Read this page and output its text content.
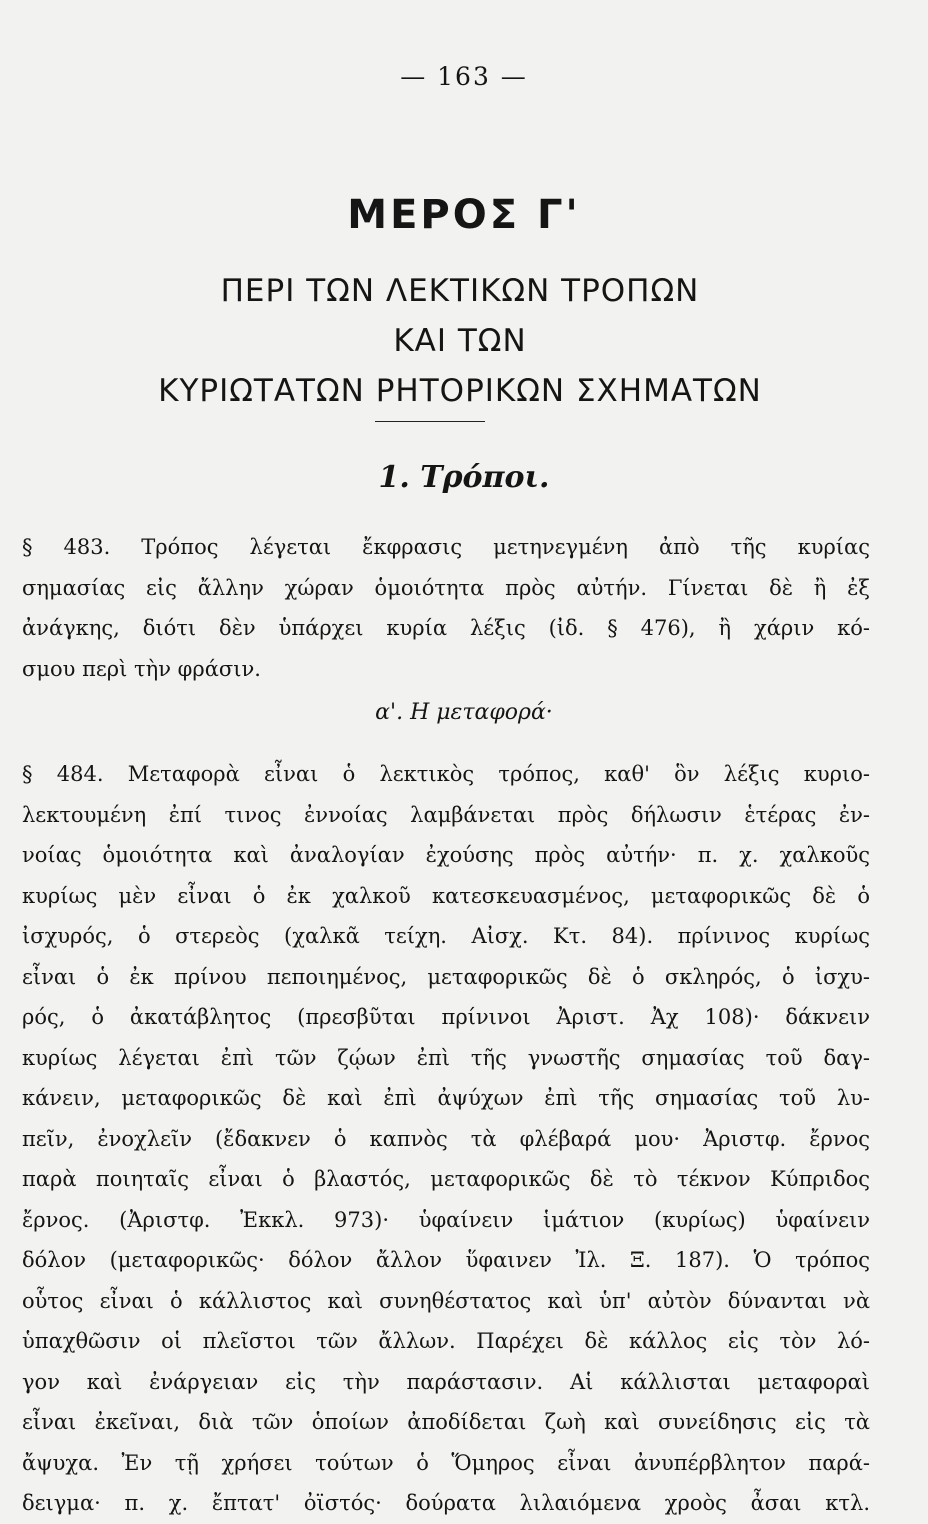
— 163 —
ΜΕΡΟΣ Γ'
ΠΕΡΙ ΤΩΝ ΛΕΚΤΙΚΩΝ ΤΡΟΠΩΝ
ΚΑΙ ΤΩΝ
ΚΥΡΙΩΤΑΤΩΝ ΡΗΤΟΡΙΚΩΝ ΣΧΗΜΑΤΩΝ
1. Τρόποι.
§ 483. Τρόπος λέγεται ἔκφρασις μετηνεγμένη ἀπὸ τῆς κυρίας
σημασίας εἰς ἄλλην χώραν ὁμοιότητα πρὸς αὐτήν. Γίνεται δὲ ἢ ἐξ
ἀνάγκης, διότι δὲν ὑπάρχει κυρία λέξις (ἰδ. § 476), ἢ χάριν κό-
σμου περὶ τὴν φράσιν.
α'. Η μεταφορά·
§ 484. Μεταφορὰ εἶναι ὁ λεκτικὸς τρόπος, καθ' ὃν λέξις κυριο-
λεκτουμένη ἐπί τινος ἐννοίας λαμβάνεται πρὸς δήλωσιν ἑτέρας ἐν-
νοίας ὁμοιότητα καὶ ἀναλογίαν ἐχούσης πρὸς αὐτήν· π. χ. χαλκοῦς
κυρίως μὲν εἶναι ὁ ἐκ χαλκοῦ κατεσκευασμένος, μεταφορικῶς δὲ ὁ
ἰσχυρός, ὁ στερεὸς (χαλκᾶ τείχη. Αἰσχ. Κτ. 84). πρίνινος κυρίως
εἶναι ὁ ἐκ πρίνου πεποιημένος, μεταφορικῶς δὲ ὁ σκληρός, ὁ ἰσχυ-
ρός, ὁ ἀκατάβλητος (πρεσβῦται πρίνινοι Ἀριστ. Ἀχ 108)· δάκνειν
κυρίως λέγεται ἐπὶ τῶν ζῴων ἐπὶ τῆς γνωστῆς σημασίας τοῦ δαγ-
κάνειν, μεταφορικῶς δὲ καὶ ἐπὶ ἀψύχων ἐπὶ τῆς σημασίας τοῦ λυ-
πεῖν, ἐνοχλεῖν (ἔδακνεν ὁ καπνὸς τὰ φλέβαρά μου· Ἀριστφ. ἔρνος
παρὰ ποιηταῖς εἶναι ὁ βλαστός, μεταφορικῶς δὲ τὸ τέκνον Κύπριδος
ἔρνος. (Ἀριστφ. Ἐκκλ. 973)· ὑφαίνειν ἱμάτιον (κυρίως) ὑφαίνειν
δόλον (μεταφορικῶς· δόλον ἄλλον ὕφαινεν Ἰλ. Ξ. 187). Ὁ τρόπος
οὗτος εἶναι ὁ κάλλιστος καὶ συνηθέστατος καὶ ὑπ' αὐτὸν δύνανται νὰ
ὑπαχθῶσιν οἱ πλεῖστοι τῶν ἄλλων. Παρέχει δὲ κάλλος εἰς τὸν λό-
γον καὶ ἐνάργειαν εἰς τὴν παράστασιν. Αἱ κάλλισται μεταφοραὶ
εἶναι ἐκεῖναι, διὰ τῶν ὁποίων ἀποδίδεται ζωὴ καὶ συνείδησις εἰς τὰ
ἄψυχα. Ἐν τῇ χρήσει τούτων ὁ Ὅμηρος εἶναι ἀνυπέρβλητον παρά-
δειγμα· π. χ. ἔπτατ' ὀϊστός· δούρατα λιλαιόμενα χροὸς ἆσαι κτλ.
